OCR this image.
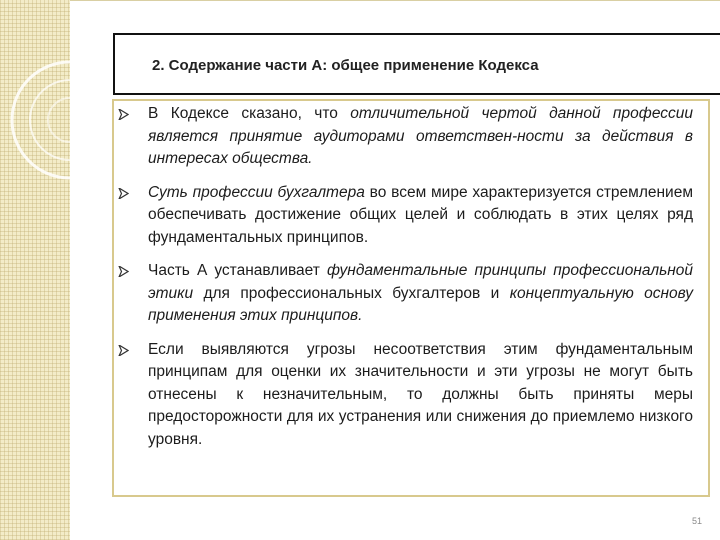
2. Содержание части А: общее применение Кодекса
В Кодексе сказано, что отличительной чертой данной профессии является принятие аудиторами ответствен-ности за действия в интересах общества.
Суть профессии бухгалтера во всем мире характеризуется стремлением обеспечивать достижение общих целей и соблюдать в этих целях ряд фундаментальных принципов.
Часть А устанавливает фундаментальные принципы профессиональной этики для профессиональных бухгалтеров и концептуальную основу применения этих принципов.
Если выявляются угрозы несоответствия этим фундаментальным принципам для оценки их значительности и эти угрозы не могут быть отнесены к незначительным, то должны быть приняты меры предосторожности для их устранения или снижения до приемлемо низкого уровня.
51
